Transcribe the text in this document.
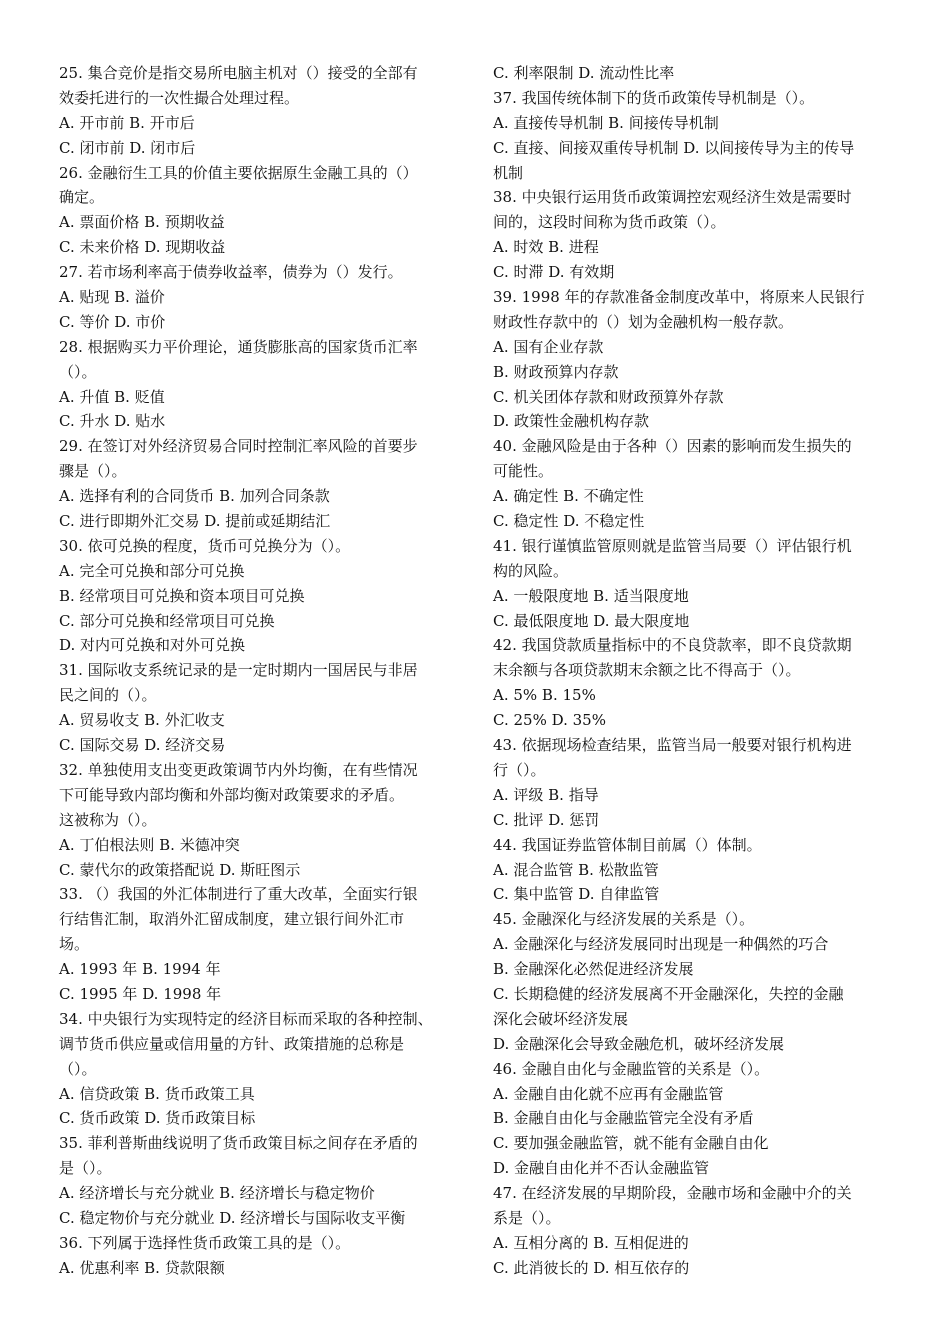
25. 集合竞价是指交易所电脑主机对（）接受的全部有
效委托进行的一次性撮合处理过程。
A. 开市前 B. 开市后
C. 闭市前 D. 闭市后
26. 金融衍生工具的价值主要依据原生金融工具的（）
确定。
A. 票面价格 B. 预期收益
C. 未来价格 D. 现期收益
27. 若市场利率高于债券收益率，债券为（）发行。
A. 贴现 B. 溢价
C. 等价 D. 市价
28. 根据购买力平价理论，通货膨胀高的国家货币汇率
（）。
A. 升值 B. 贬值
C. 升水 D. 贴水
29. 在签订对外经济贸易合同时控制汇率风险的首要步
骤是（）。
A. 选择有利的合同货币 B. 加列合同条款
C. 进行即期外汇交易 D. 提前或延期结汇
30. 依可兑换的程度，货币可兑换分为（）。
A. 完全可兑换和部分可兑换
B. 经常项目可兑换和资本项目可兑换
C. 部分可兑换和经常项目可兑换
D. 对内可兑换和对外可兑换
31. 国际收支系统记录的是一定时期内一国居民与非居
民之间的（）。
A. 贸易收支 B. 外汇收支
C. 国际交易 D. 经济交易
32. 单独使用支出变更政策调节内外均衡，在有些情况
下可能导致内部均衡和外部均衡对政策要求的矛盾。
这被称为（）。
A. 丁伯根法则 B. 米德冲突
C. 蒙代尔的政策搭配说 D. 斯旺图示
33. （）我国的外汇体制进行了重大改革，全面实行银
行结售汇制，取消外汇留成制度，建立银行间外汇市
场。
A. 1993 年 B. 1994 年
C. 1995 年 D. 1998 年
34. 中央银行为实现特定的经济目标而采取的各种控制、
调节货币供应量或信用量的方针、政策措施的总称是
（）。
A. 信贷政策 B. 货币政策工具
C. 货币政策 D. 货币政策目标
35. 菲利普斯曲线说明了货币政策目标之间存在矛盾的
是（）。
A. 经济增长与充分就业 B. 经济增长与稳定物价
C. 稳定物价与充分就业 D. 经济增长与国际收支平衡
36. 下列属于选择性货币政策工具的是（）。
A. 优惠利率 B. 贷款限额
C. 利率限制 D. 流动性比率
37. 我国传统体制下的货币政策传导机制是（）。
A. 直接传导机制 B. 间接传导机制
C. 直接、间接双重传导机制 D. 以间接传导为主的传导
机制
38. 中央银行运用货币政策调控宏观经济生效是需要时
间的，这段时间称为货币政策（）。
A. 时效 B. 进程
C. 时滞 D. 有效期
39. 1998 年的存款准备金制度改革中，将原来人民银行
财政性存款中的（）划为金融机构一般存款。
A. 国有企业存款
B. 财政预算内存款
C. 机关团体存款和财政预算外存款
D. 政策性金融机构存款
40. 金融风险是由于各种（）因素的影响而发生损失的
可能性。
A. 确定性 B. 不确定性
C. 稳定性 D. 不稳定性
41. 银行谨慎监管原则就是监管当局要（）评估银行机
构的风险。
A. 一般限度地 B. 适当限度地
C. 最低限度地 D. 最大限度地
42. 我国贷款质量指标中的不良贷款率，即不良贷款期
末余额与各项贷款期末余额之比不得高于（）。
A. 5% B. 15%
C. 25% D. 35%
43. 依据现场检查结果，监管当局一般要对银行机构进
行（）。
A. 评级 B. 指导
C. 批评 D. 惩罚
44. 我国证券监管体制目前属（）体制。
A. 混合监管 B. 松散监管
C. 集中监管 D. 自律监管
45. 金融深化与经济发展的关系是（）。
A. 金融深化与经济发展同时出现是一种偶然的巧合
B. 金融深化必然促进经济发展
C. 长期稳健的经济发展离不开金融深化，失控的金融
深化会破坏经济发展
D. 金融深化会导致金融危机，破坏经济发展
46. 金融自由化与金融监管的关系是（）。
A. 金融自由化就不应再有金融监管
B. 金融自由化与金融监管完全没有矛盾
C. 要加强金融监管，就不能有金融自由化
D. 金融自由化并不否认金融监管
47. 在经济发展的早期阶段，金融市场和金融中介的关
系是（）。
A. 互相分离的 B. 互相促进的
C. 此消彼长的 D. 相互依存的
